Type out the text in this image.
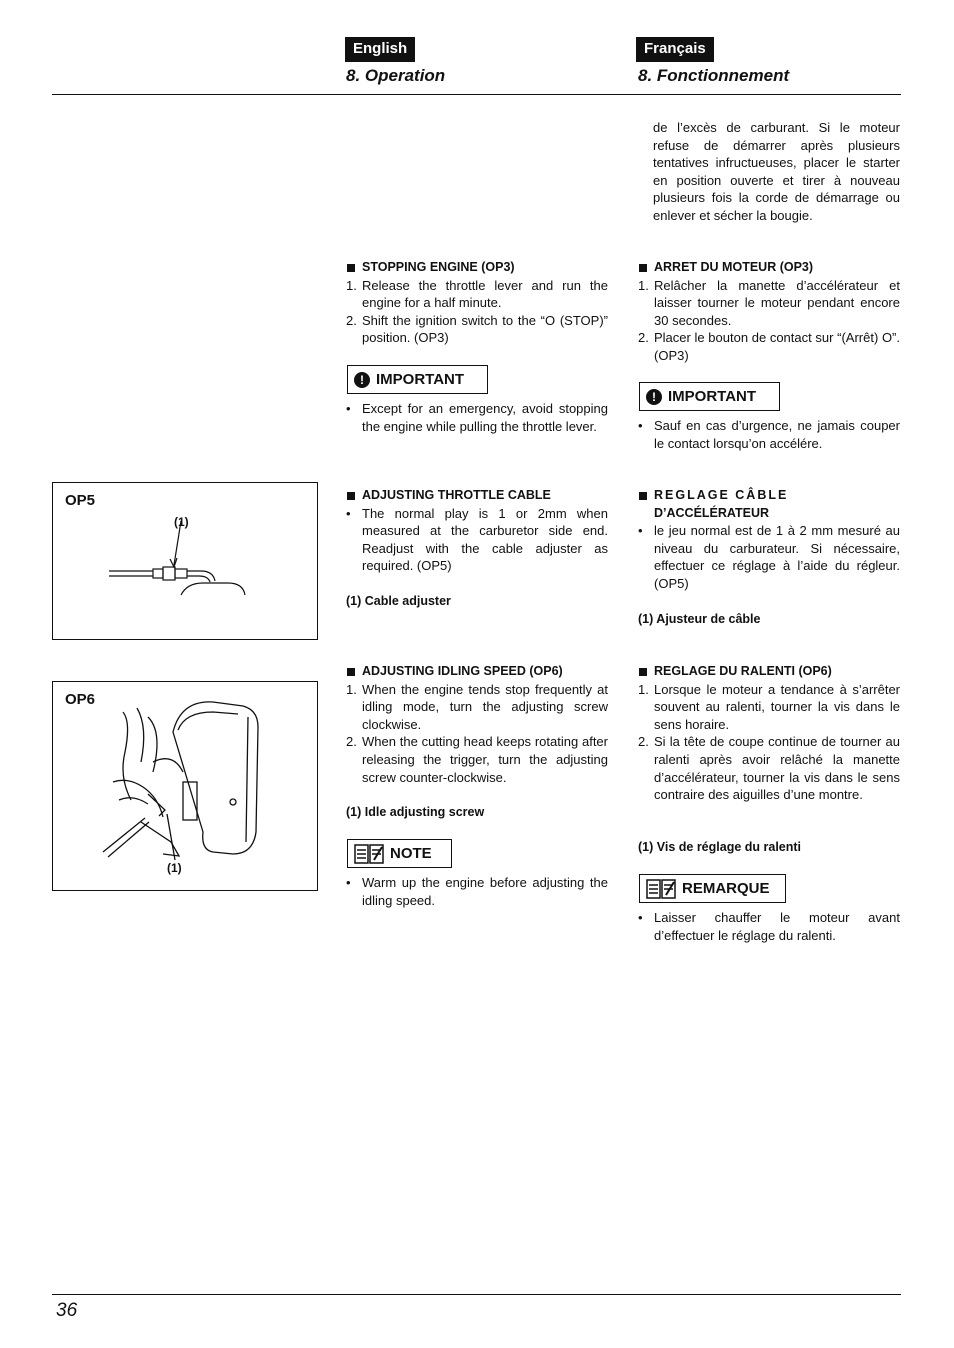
English	Français
8. Operation	8. Fonctionnement
de l’excès de carburant. Si le moteur refuse de démarrer après plusieurs tentatives infructueuses, placer le starter en position ouverte et tirer à nouveau plusieurs fois la corde de démarrage ou enlever et sécher la bougie.
STOPPING ENGINE (OP3)
1. Release the throttle lever and run the engine for a half minute.
2. Shift the ignition switch to the “O (STOP)” position. (OP3)
! IMPORTANT
• Except for an emergency, avoid stopping the engine while pulling the throttle lever.
ARRET DU MOTEUR (OP3)
1. Relâcher la manette d’accélérateur et laisser tourner le moteur pendant encore 30 secondes.
2. Placer le bouton de contact sur “(Arrêt) O”. (OP3)
! IMPORTANT
• Sauf en cas d’urgence, ne jamais couper le contact lorsqu’on accélére.
OP5
(1)
ADJUSTING THROTTLE CABLE
• The normal play is 1 or 2mm when measured at the carburetor side end. Readjust with the cable adjuster as required. (OP5)
(1) Cable adjuster
REGLAGE CÂBLE
D’ACCÉLÉRATEUR
• le jeu normal est de 1 à 2 mm mesuré au niveau du carburateur. Si nécessaire, effectuer ce réglage à l’aide du régleur. (OP5)
(1) Ajusteur de câble
OP6
(1)
ADJUSTING IDLING SPEED (OP6)
1. When the engine tends stop frequently at idling mode, turn the adjusting screw clockwise.
2. When the cutting head keeps rotating after releasing the trigger, turn the adjusting screw counter-clockwise.
(1) Idle adjusting screw
NOTE
• Warm up the engine before adjusting the idling speed.
REGLAGE DU RALENTI (OP6)
1. Lorsque le moteur a tendance à s’arrêter souvent au ralenti, tourner la vis dans le sens horaire.
2. Si la tête de coupe continue de tourner au ralenti après avoir relâché la manette d’accélérateur, tourner la vis dans le sens contraire des aiguilles d’une montre.
(1) Vis de réglage du ralenti
REMARQUE
• Laisser chauffer le moteur avant d’effectuer le réglage du ralenti.
36
